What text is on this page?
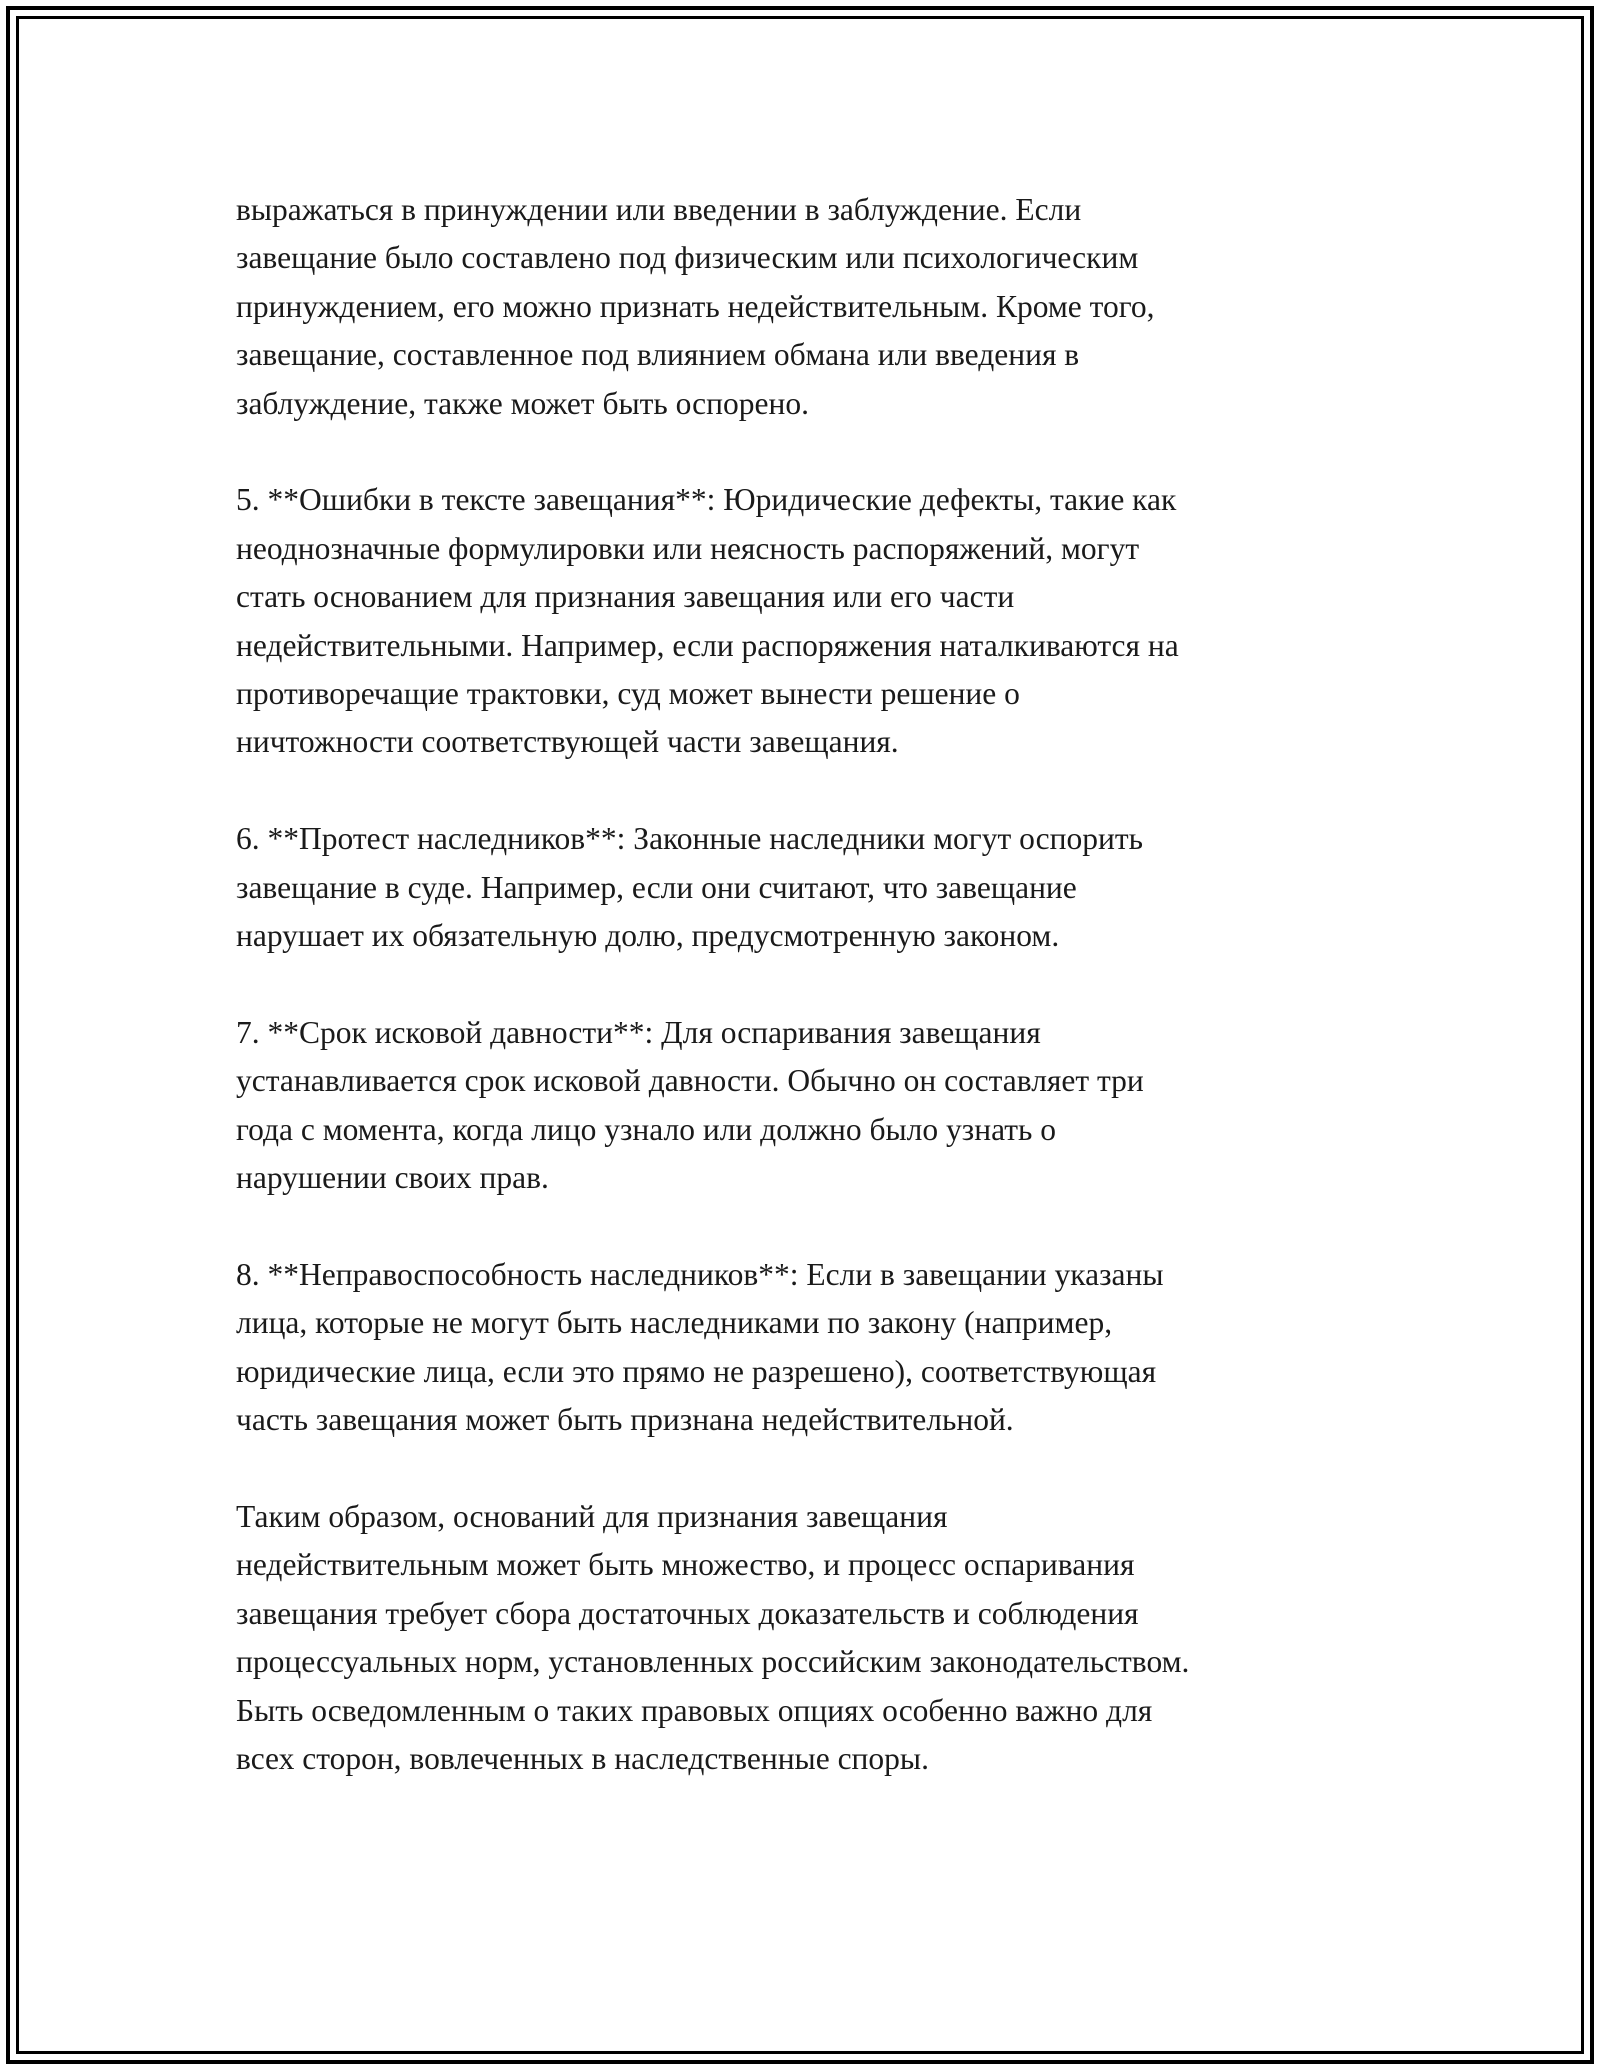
выражаться в принуждении или введении в заблуждение. Если
завещание было составлено под физическим или психологическим
принуждением, его можно признать недействительным. Кроме того,
завещание, составленное под влиянием обмана или введения в
заблуждение, также может быть оспорено.
5. **Ошибки в тексте завещания**: Юридические дефекты, такие как
неоднозначные формулировки или неясность распоряжений, могут
стать основанием для признания завещания или его части
недействительными. Например, если распоряжения наталкиваются на
противоречащие трактовки, суд может вынести решение о
ничтожности соответствующей части завещания.
6. **Протест наследников**: Законные наследники могут оспорить
завещание в суде. Например, если они считают, что завещание
нарушает их обязательную долю, предусмотренную законом.
7. **Срок исковой давности**: Для оспаривания завещания
устанавливается срок исковой давности. Обычно он составляет три
года с момента, когда лицо узнало или должно было узнать о
нарушении своих прав.
8. **Неправоспособность наследников**: Если в завещании указаны
лица, которые не могут быть наследниками по закону (например,
юридические лица, если это прямо не разрешено), соответствующая
часть завещания может быть признана недействительной.
Таким образом, оснований для признания завещания
недействительным может быть множество, и процесс оспаривания
завещания требует сбора достаточных доказательств и соблюдения
процессуальных норм, установленных российским законодательством.
Быть осведомленным о таких правовых опциях особенно важно для
всех сторон, вовлеченных в наследственные споры.
